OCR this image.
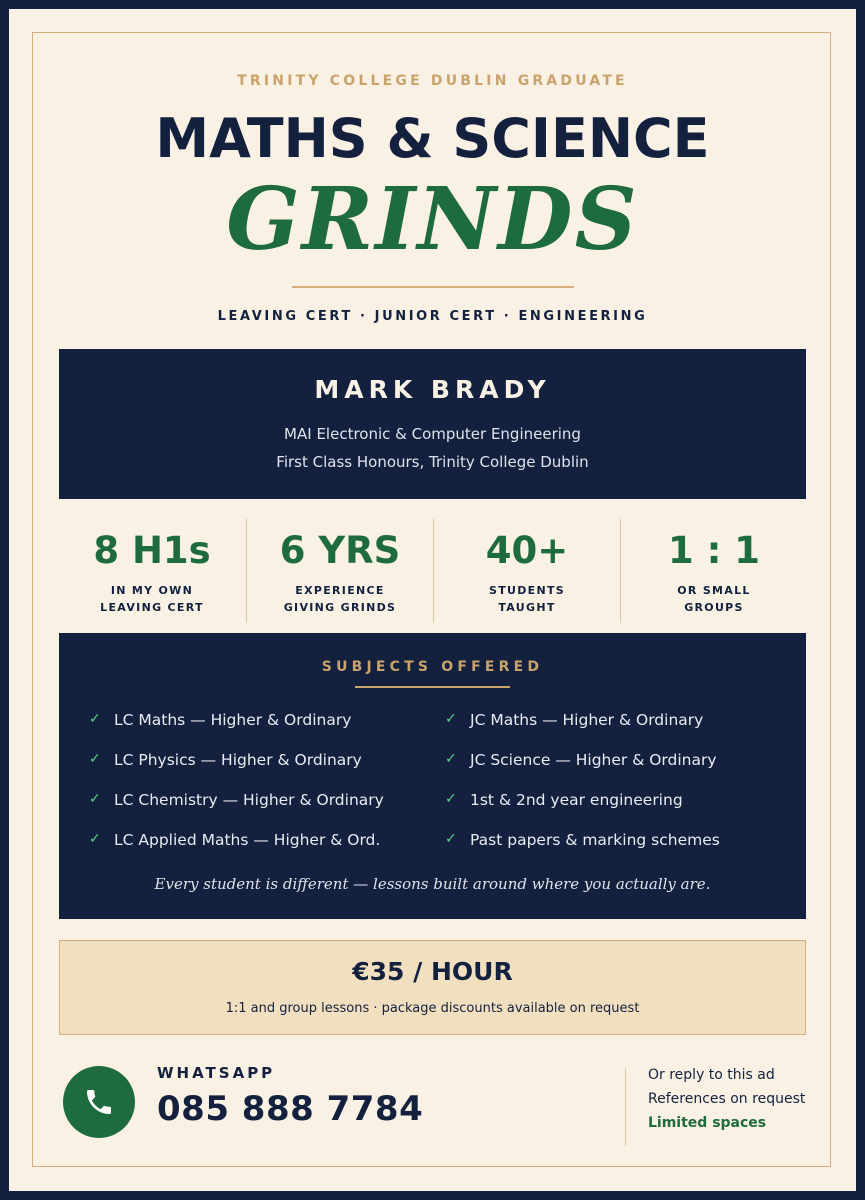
TRINITY COLLEGE DUBLIN GRADUATE
MATHS & SCIENCE
GRINDS
LEAVING CERT · JUNIOR CERT · ENGINEERING
MARK BRADY
MAI Electronic & Computer Engineering
First Class Honours, Trinity College Dublin
8 H1s
IN MY OWN
LEAVING CERT
6 YRS
EXPERIENCE
GIVING GRINDS
40+
STUDENTS
TAUGHT
1 : 1
OR SMALL
GROUPS
SUBJECTS OFFERED
✓ LC Maths — Higher & Ordinary
✓ LC Physics — Higher & Ordinary
✓ LC Chemistry — Higher & Ordinary
✓ LC Applied Maths — Higher & Ord.
✓ JC Maths — Higher & Ordinary
✓ JC Science — Higher & Ordinary
✓ 1st & 2nd year engineering
✓ Past papers & marking schemes
Every student is different — lessons built around where you actually are.
€35 / HOUR
1:1 and group lessons · package discounts available on request
WHATSAPP
085 888 7784
Or reply to this ad
References on request
Limited spaces
